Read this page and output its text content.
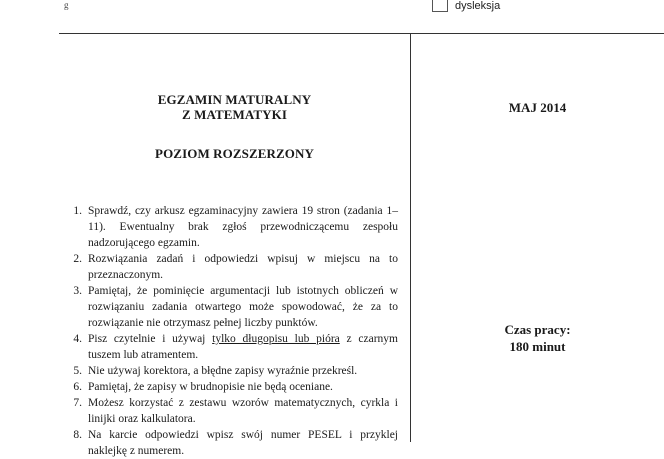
g	dysleksja
EGZAMIN MATURALNY
Z MATEMATYKI
POZIOM ROZSZERZONY
MAJ 2014
Czas pracy:
180 minut
1. Sprawdź, czy arkusz egzaminacyjny zawiera 19 stron (zadania 1–11). Ewentualny brak zgłoś przewodniczącemu zespołu nadzorującego egzamin.
2. Rozwiązania zadań i odpowiedzi wpisuj w miejscu na to przeznaczonym.
3. Pamiętaj, że pominięcie argumentacji lub istotnych obliczeń w rozwiązaniu zadania otwartego może spowodować, że za to rozwiązanie nie otrzymasz pełnej liczby punktów.
4. Pisz czytelnie i używaj tylko długopisu lub pióra z czarnym tuszem lub atramentem.
5. Nie używaj korektora, a błędne zapisy wyraźnie przekreśl.
6. Pamiętaj, że zapisy w brudnopisie nie będą oceniane.
7. Możesz korzystać z zestawu wzorów matematycznych, cyrkla i linijki oraz kalkulatora.
8. Na karcie odpowiedzi wpisz swój numer PESEL i przyklej naklejkę z numerem.
